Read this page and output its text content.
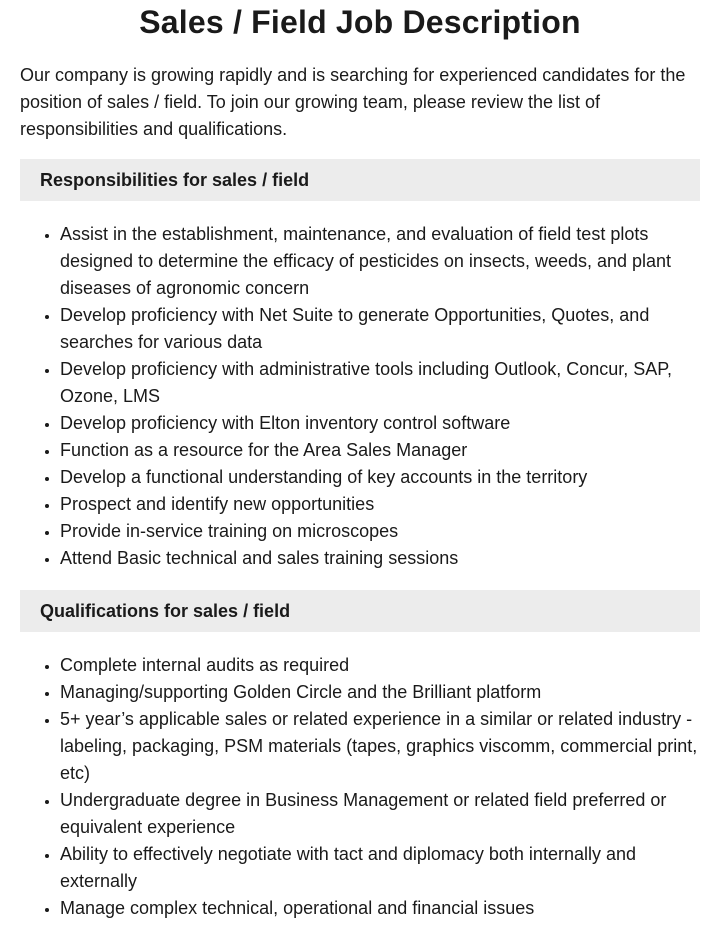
Sales / Field Job Description

Our company is growing rapidly and is searching for experienced candidates for the position of sales / field. To join our growing team, please review the list of responsibilities and qualifications.

Responsibilities for sales / field
• Assist in the establishment, maintenance, and evaluation of field test plots designed to determine the efficacy of pesticides on insects, weeds, and plant diseases of agronomic concern
• Develop proficiency with Net Suite to generate Opportunities, Quotes, and searches for various data
• Develop proficiency with administrative tools including Outlook, Concur, SAP, Ozone, LMS
• Develop proficiency with Elton inventory control software
• Function as a resource for the Area Sales Manager
• Develop a functional understanding of key accounts in the territory
• Prospect and identify new opportunities
• Provide in-service training on microscopes
• Attend Basic technical and sales training sessions
Qualifications for sales / field
• Complete internal audits as required
• Managing/supporting Golden Circle and the Brilliant platform
• 5+ year’s applicable sales or related experience in a similar or related industry - labeling, packaging, PSM materials (tapes, graphics viscomm, commercial print, etc)
• Undergraduate degree in Business Management or related field preferred or equivalent experience
• Ability to effectively negotiate with tact and diplomacy both internally and externally
• Manage complex technical, operational and financial issues
